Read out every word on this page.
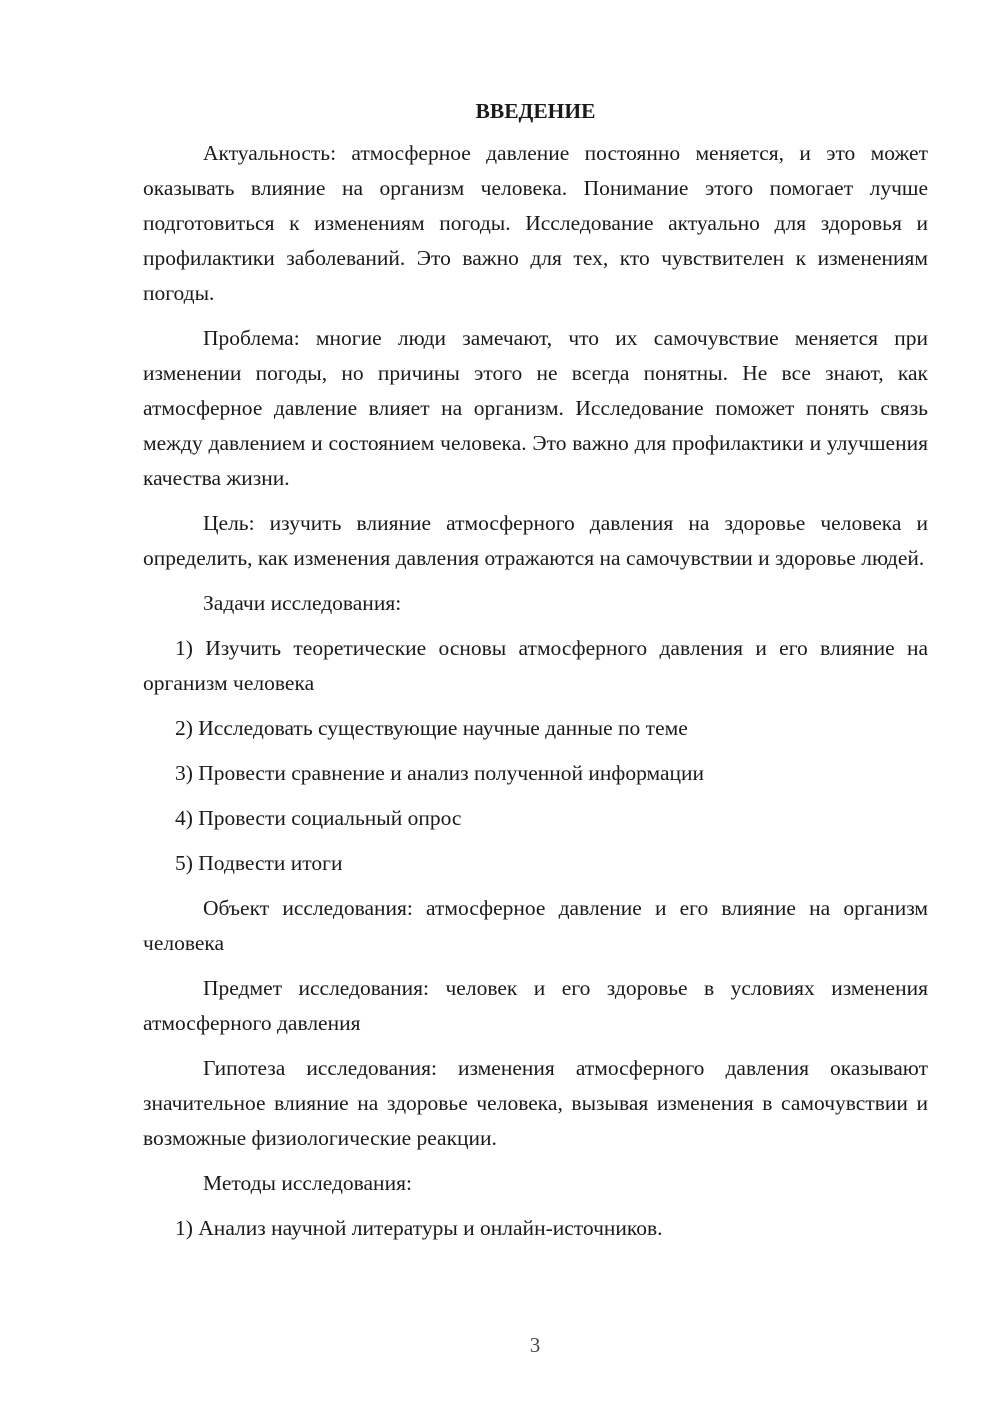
ВВЕДЕНИЕ

Актуальность: атмосферное давление постоянно меняется, и это может оказывать влияние на организм человека. Понимание этого помогает лучше подготовиться к изменениям погоды. Исследование актуально для здоровья и профилактики заболеваний. Это важно для тех, кто чувствителен к изменениям погоды.

Проблема: многие люди замечают, что их самочувствие меняется при изменении погоды, но причины этого не всегда понятны. Не все знают, как атмосферное давление влияет на организм. Исследование поможет понять связь между давлением и состоянием человека. Это важно для профилактики и улучшения качества жизни.

Цель: изучить влияние атмосферного давления на здоровье человека и определить, как изменения давления отражаются на самочувствии и здоровье людей.

Задачи исследования:

1) Изучить теоретические основы атмосферного давления и его влияние на организм человека

2) Исследовать существующие научные данные по теме

3) Провести сравнение и анализ полученной информации

4) Провести социальный опрос

5) Подвести итоги

Объект исследования: атмосферное давление и его влияние на организм человека

Предмет исследования: человек и его здоровье в условиях изменения атмосферного давления

Гипотеза исследования: изменения атмосферного давления оказывают значительное влияние на здоровье человека, вызывая изменения в самочувствии и возможные физиологические реакции.

Методы исследования:

1) Анализ научной литературы и онлайн-источников.

3
